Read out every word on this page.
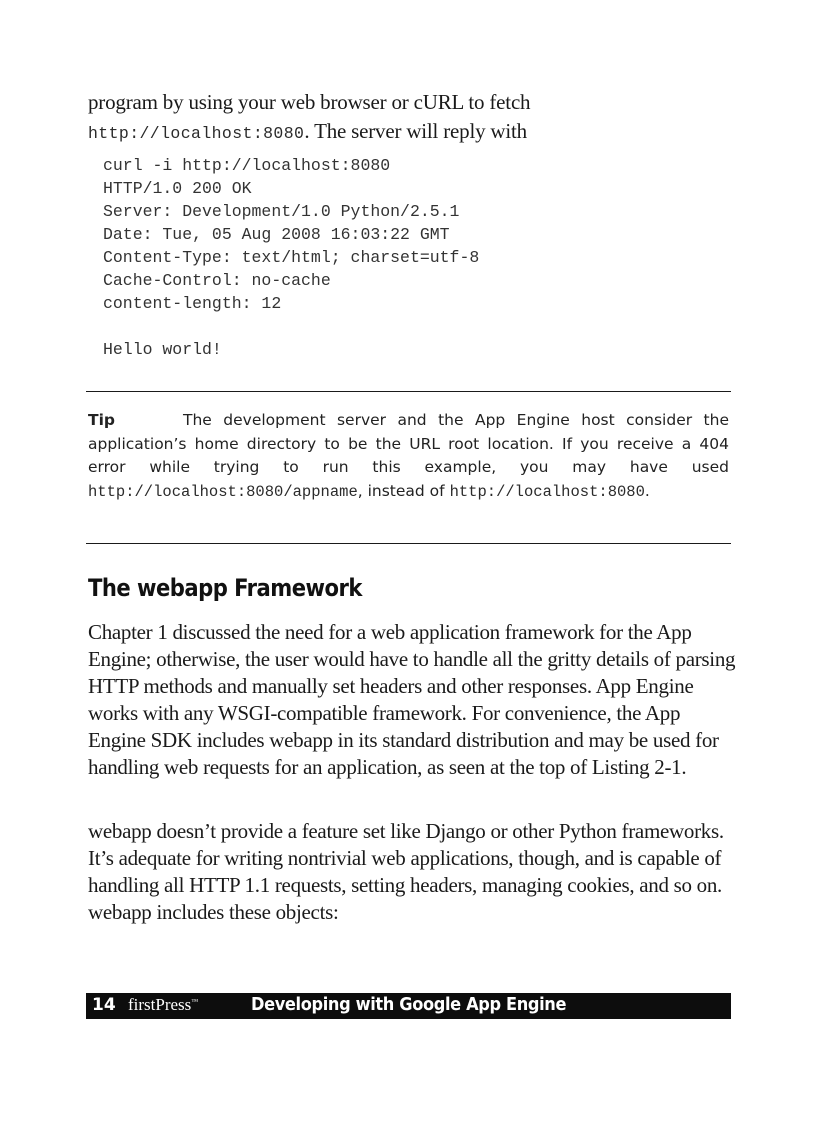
program by using your web browser or cURL to fetch http://localhost:8080. The server will reply with
curl -i http://localhost:8080
HTTP/1.0 200 OK
Server: Development/1.0 Python/2.5.1
Date: Tue, 05 Aug 2008 16:03:22 GMT
Content-Type: text/html; charset=utf-8
Cache-Control: no-cache
content-length: 12

Hello world!
Tip	The development server and the App Engine host consider the application’s home directory to be the URL root location. If you receive a 404 error while trying to run this example, you may have used http://localhost:8080/appname, instead of http://localhost:8080.
The webapp Framework

Chapter 1 discussed the need for a web application framework for the App Engine; otherwise, the user would have to handle all the gritty details of parsing HTTP methods and manually set headers and other responses. App Engine works with any WSGI-compatible framework. For convenience, the App Engine SDK includes webapp in its standard distribution and may be used for handling web requests for an application, as seen at the top of Listing 2-1.

webapp doesn’t provide a feature set like Django or other Python frameworks. It’s adequate for writing nontrivial web applications, though, and is capable of handling all HTTP 1.1 requests, setting headers, managing cookies, and so on. webapp includes these objects:

14 firstPress™	Developing with Google App Engine
